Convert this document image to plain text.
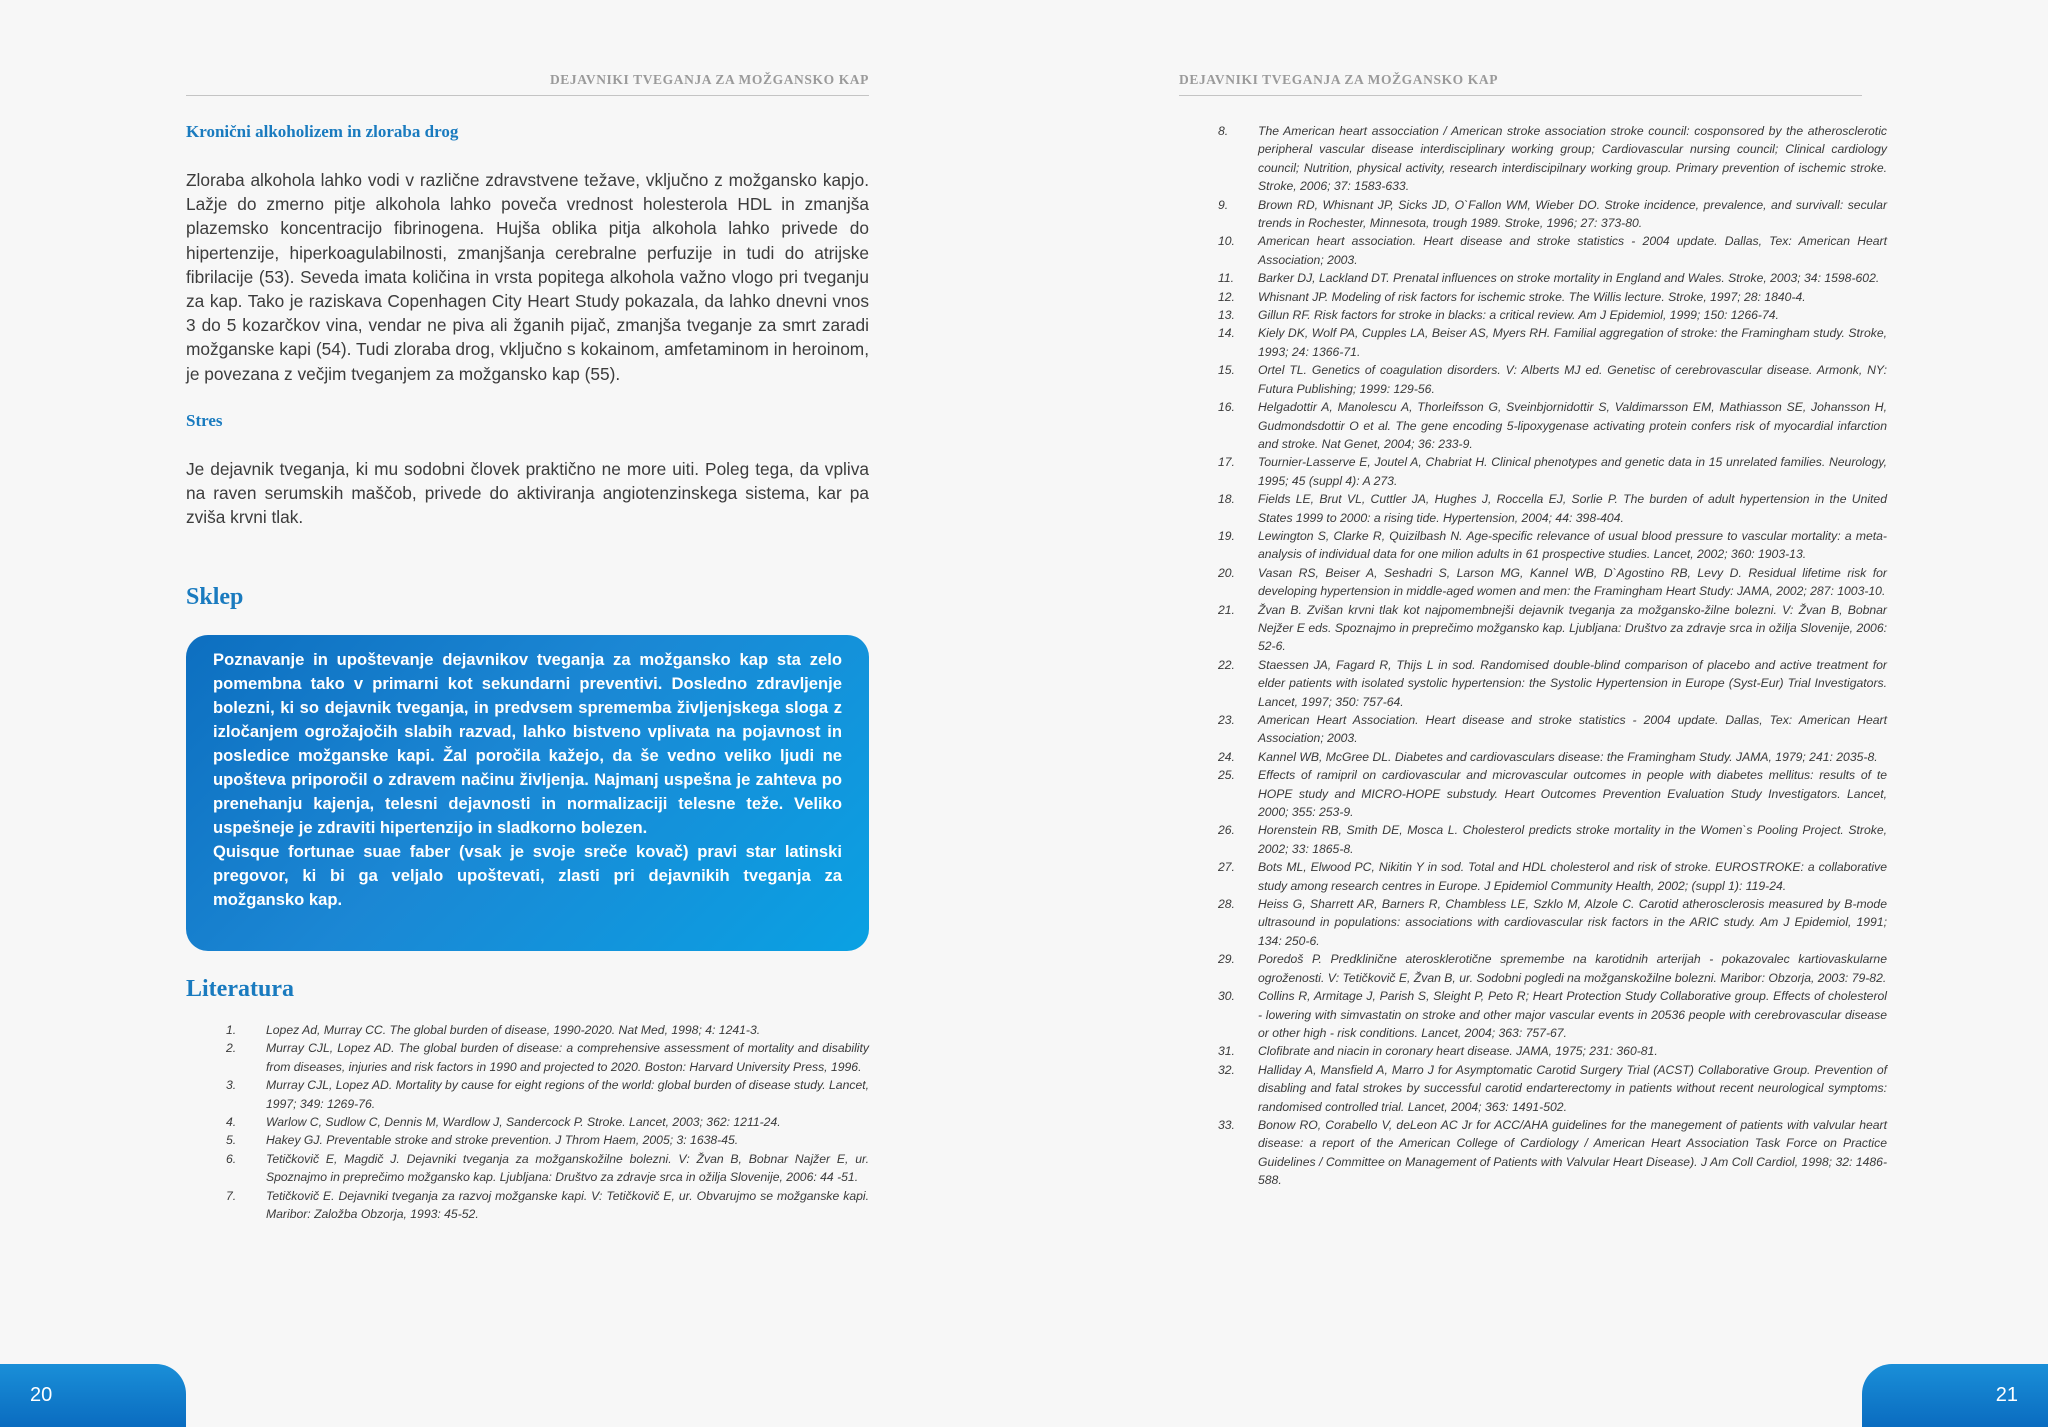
DEJAVNIKI TVEGANJA ZA MOŽGANSKO KAP
Kronični alkoholizem in zloraba drog
Zloraba alkohola lahko vodi v različne zdravstvene težave, vključno z možgansko kapjo. Lažje do zmerno pitje alkohola lahko poveča vrednost holesterola HDL in zmanjša plazemsko koncentracijo fibrinogena. Hujša oblika pitja alkohola lahko privede do hipertenzije, hiperkoagulabilnosti, zmanjšanja cerebralne perfuzije in tudi do atrijske fibrilacije (53). Seveda imata količina in vrsta popitega alkohola važno vlogo pri tveganju za kap. Tako je raziskava Copenhagen City Heart Study pokazala, da lahko dnevni vnos 3 do 5 kozarčkov vina, vendar ne piva ali žganih pijač, zmanjša tveganje za smrt zaradi možganske kapi (54). Tudi zloraba drog, vključno s kokainom, amfetaminom in heroinom, je povezana z večjim tveganjem za možgansko kap (55).
Stres
Je dejavnik tveganja, ki mu sodobni človek praktično ne more uiti. Poleg tega, da vpliva na raven serumskih maščob, privede do aktiviranja angiotenzinskega sistema, kar pa zviša krvni tlak.
Sklep

Poznavanje in upoštevanje dejavnikov tveganja za možgansko kap sta zelo pomembna tako v primarni kot sekundarni preventivi. Dosledno zdravljenje bolezni, ki so dejavnik tveganja, in predvsem sprememba življenjskega sloga z izločanjem ogrožajočih slabih razvad, lahko bistveno vplivata na pojavnost in posledice možganske kapi. Žal poročila kažejo, da še vedno veliko ljudi ne upošteva priporočil o zdravem načinu življenja. Najmanj uspešna je zahteva po prenehanju kajenja, telesni dejavnosti in normalizaciji telesne teže. Veliko uspešneje je zdraviti hipertenzijo in sladkorno bolezen.

Quisque fortunae suae faber (vsak je svoje sreče kovač) pravi star latinski pregovor, ki bi ga veljalo upoštevati, zlasti pri dejavnikih tveganja za možgansko kap.

Literatura
1. Lopez Ad, Murray CC. The global burden of disease, 1990-2020. Nat Med, 1998; 4: 1241-3.
2. Murray CJL, Lopez AD. The global burden of disease: a comprehensive assessment of mortality and disability from diseases, injuries and risk factors in 1990 and projected to 2020. Boston: Harvard University Press, 1996.
3. Murray CJL, Lopez AD. Mortality by cause for eight regions of the world: global burden of disease study. Lancet, 1997; 349: 1269-76.
4. Warlow C, Sudlow C, Dennis M, Wardlow J, Sandercock P. Stroke. Lancet, 2003; 362: 1211-24.
5. Hakey GJ. Preventable stroke and stroke prevention. J Throm Haem, 2005; 3: 1638-45.
6. Tetičkovič E, Magdič J. Dejavniki tveganja za možganskožilne bolezni. V: Žvan B, Bobnar Najžer E, ur. Spoznajmo in preprečimo možgansko kap. Ljubljana: Društvo za zdravje srca in ožilja Slovenije, 2006: 44 -51.
7. Tetičkovič E. Dejavniki tveganja za razvoj možganske kapi. V: Tetičkovič E, ur. Obvarujmo se možganske kapi. Maribor: Založba Obzorja, 1993: 45-52.
20
DEJAVNIKI TVEGANJA ZA MOŽGANSKO KAP
8. The American heart assocciation / American stroke association stroke council: cosponsored by the atherosclerotic peripheral vascular disease interdisciplinary working group; Cardiovascular nursing council; Clinical cardiology council; Nutrition, physical activity, research interdiscipilnary working group. Primary prevention of ischemic stroke. Stroke, 2006; 37: 1583-633.
9. Brown RD, Whisnant JP, Sicks JD, O`Fallon WM, Wieber DO. Stroke incidence, prevalence, and survivall: secular trends in Rochester, Minnesota, trough 1989. Stroke, 1996; 27: 373-80.
10. American heart association. Heart disease and stroke statistics - 2004 update. Dallas, Tex: American Heart Association; 2003.
11. Barker DJ, Lackland DT. Prenatal influences on stroke mortality in England and Wales. Stroke, 2003; 34: 1598-602.
12. Whisnant JP. Modeling of risk factors for ischemic stroke. The Willis lecture. Stroke, 1997; 28: 1840-4.
13. Gillun RF. Risk factors for stroke in blacks: a critical review. Am J Epidemiol, 1999; 150: 1266-74.
14. Kiely DK, Wolf PA, Cupples LA, Beiser AS, Myers RH. Familial aggregation of stroke: the Framingham study. Stroke, 1993; 24: 1366-71.
15. Ortel TL. Genetics of coagulation disorders. V: Alberts MJ ed. Genetisc of cerebrovascular disease. Armonk, NY: Futura Publishing; 1999: 129-56.
16. Helgadottir A, Manolescu A, Thorleifsson G, Sveinbjornidottir S, Valdimarsson EM, Mathiasson SE, Johansson H, Gudmondsdottir O et al. The gene encoding 5-lipoxygenase activating protein confers risk of myocardial infarction and stroke. Nat Genet, 2004; 36: 233-9.
17. Tournier-Lasserve E, Joutel A, Chabriat H. Clinical phenotypes and genetic data in 15 unrelated families. Neurology, 1995; 45 (suppl 4): A 273.
18. Fields LE, Brut VL, Cuttler JA, Hughes J, Roccella EJ, Sorlie P. The burden of adult hypertension in the United States 1999 to 2000: a rising tide. Hypertension, 2004; 44: 398-404.
19. Lewington S, Clarke R, Quizilbash N. Age-specific relevance of usual blood pressure to vascular mortality: a meta-analysis of individual data for one milion adults in 61 prospective studies. Lancet, 2002; 360: 1903-13.
20. Vasan RS, Beiser A, Seshadri S, Larson MG, Kannel WB, D`Agostino RB, Levy D. Residual lifetime risk for developing hypertension in middle-aged women and men: the Framingham Heart Study: JAMA, 2002; 287: 1003-10.
21. Žvan B. Zvišan krvni tlak kot najpomembnejši dejavnik tveganja za možgansko-žilne bolezni. V: Žvan B, Bobnar Nejžer E eds. Spoznajmo in preprečimo možgansko kap. Ljubljana: Društvo za zdravje srca in ožilja Slovenije, 2006: 52-6.
22. Staessen JA, Fagard R, Thijs L in sod. Randomised double-blind comparison of placebo and active treatment for elder patients with isolated systolic hypertension: the Systolic Hypertension in Europe (Syst-Eur) Trial Investigators. Lancet, 1997; 350: 757-64.
23. American Heart Association. Heart disease and stroke statistics - 2004 update. Dallas, Tex: American Heart Association; 2003.
24. Kannel WB, McGree DL. Diabetes and cardiovasculars disease: the Framingham Study. JAMA, 1979; 241: 2035-8.
25. Effects of ramipril on cardiovascular and microvascular outcomes in people with diabetes mellitus: results of te HOPE study and MICRO-HOPE substudy. Heart Outcomes Prevention Evaluation Study Investigators. Lancet, 2000; 355: 253-9.
26. Horenstein RB, Smith DE, Mosca L. Cholesterol predicts stroke mortality in the Women`s Pooling Project. Stroke, 2002; 33: 1865-8.
27. Bots ML, Elwood PC, Nikitin Y in sod. Total and HDL cholesterol and risk of stroke. EUROSTROKE: a collaborative study among research centres in Europe. J Epidemiol Community Health, 2002; (suppl 1): 119-24.
28. Heiss G, Sharrett AR, Barners R, Chambless LE, Szklo M, Alzole C. Carotid atherosclerosis measured by B-mode ultrasound in populations: associations with cardiovascular risk factors in the ARIC study. Am J Epidemiol, 1991; 134: 250-6.
29. Poredoš P. Predklinične aterosklerotične spremembe na karotidnih arterijah - pokazovalec kartiovaskularne ogroženosti. V: Tetičkovič E, Žvan B, ur. Sodobni pogledi na možganskožilne bolezni. Maribor: Obzorja, 2003: 79-82.
30. Collins R, Armitage J, Parish S, Sleight P, Peto R; Heart Protection Study Collaborative group. Effects of cholesterol - lowering with simvastatin on stroke and other major vascular events in 20536 people with cerebrovascular disease or other high - risk conditions. Lancet, 2004; 363: 757-67.
31. Clofibrate and niacin in coronary heart disease. JAMA, 1975; 231: 360-81.
32. Halliday A, Mansfield A, Marro J for Asymptomatic Carotid Surgery Trial (ACST) Collaborative Group. Prevention of disabling and fatal strokes by successful carotid endarterectomy in patients without recent neurological symptoms: randomised controlled trial. Lancet, 2004; 363: 1491-502.
33. Bonow RO, Corabello V, deLeon AC Jr for ACC/AHA guidelines for the manegement of patients with valvular heart disease: a report of the American College of Cardiology / American Heart Association Task Force on Practice Guidelines / Committee on Management of Patients with Valvular Heart Disease). J Am Coll Cardiol, 1998; 32: 1486-588.
21
